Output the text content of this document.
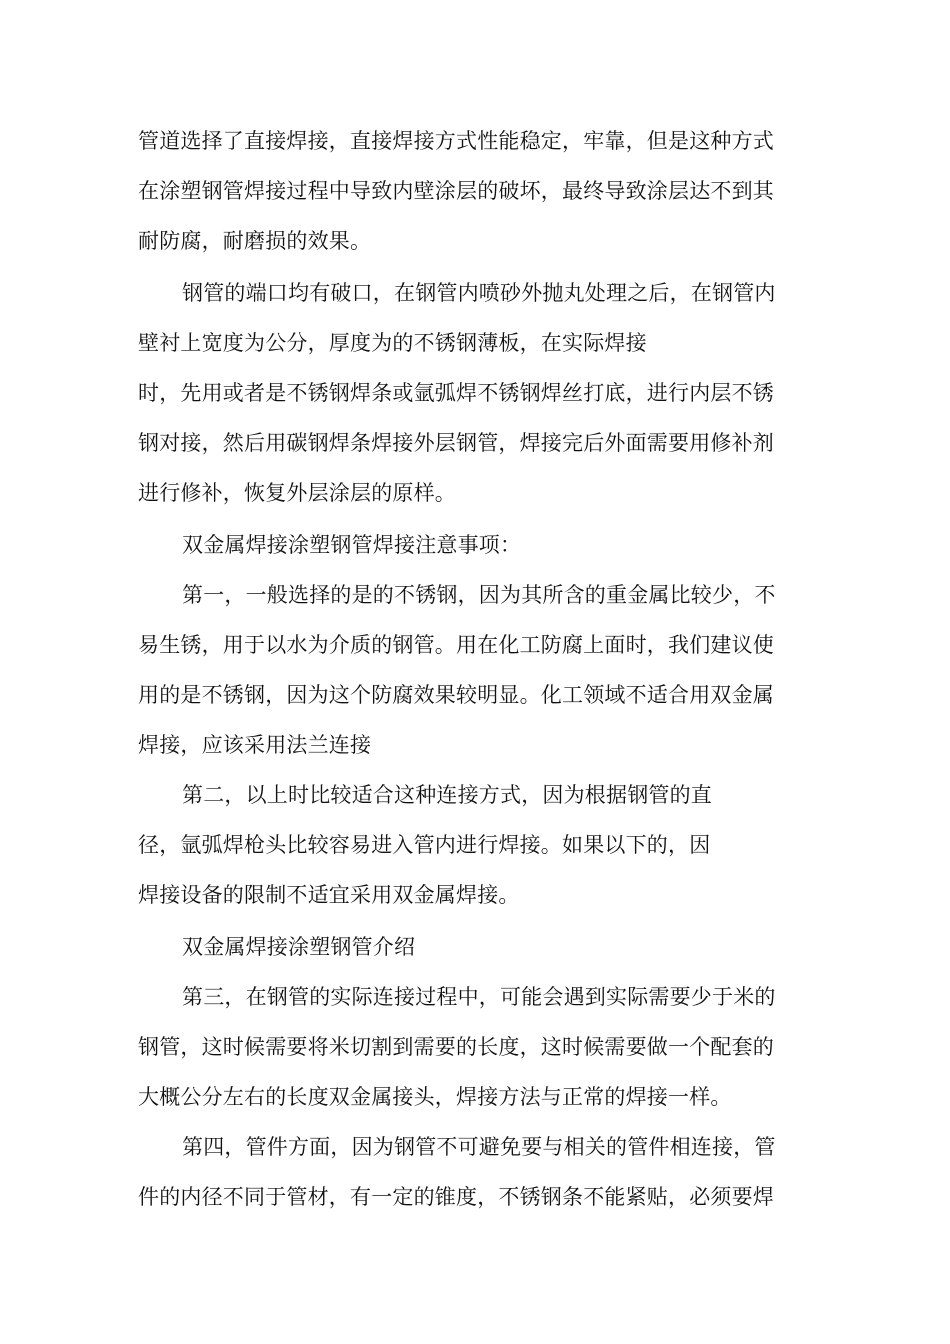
管道选择了直接焊接，直接焊接方式性能稳定，牢靠，但是这种方式
在涂塑钢管焊接过程中导致内壁涂层的破坏，最终导致涂层达不到其
耐防腐，耐磨损的效果。
钢管的端口均有破口，在钢管内喷砂外抛丸处理之后，在钢管内
壁衬上宽度为公分，厚度为的不锈钢薄板，在实际焊接
时，先用或者是不锈钢焊条或氩弧焊不锈钢焊丝打底，进行内层不锈
钢对接，然后用碳钢焊条焊接外层钢管，焊接完后外面需要用修补剂
进行修补，恢复外层涂层的原样。
双金属焊接涂塑钢管焊接注意事项：
第一，一般选择的是的不锈钢，因为其所含的重金属比较少，不
易生锈，用于以水为介质的钢管。用在化工防腐上面时，我们建议使
用的是不锈钢，因为这个防腐效果较明显。化工领域不适合用双金属
焊接，应该采用法兰连接
第二，以上时比较适合这种连接方式，因为根据钢管的直
径，氩弧焊枪头比较容易进入管内进行焊接。如果以下的，因
焊接设备的限制不适宜采用双金属焊接。
双金属焊接涂塑钢管介绍
第三，在钢管的实际连接过程中，可能会遇到实际需要少于米的
钢管，这时候需要将米切割到需要的长度，这时候需要做一个配套的
大概公分左右的长度双金属接头，焊接方法与正常的焊接一样。
第四，管件方面，因为钢管不可避免要与相关的管件相连接，管
件的内径不同于管材，有一定的锥度，不锈钢条不能紧贴，必须要焊
